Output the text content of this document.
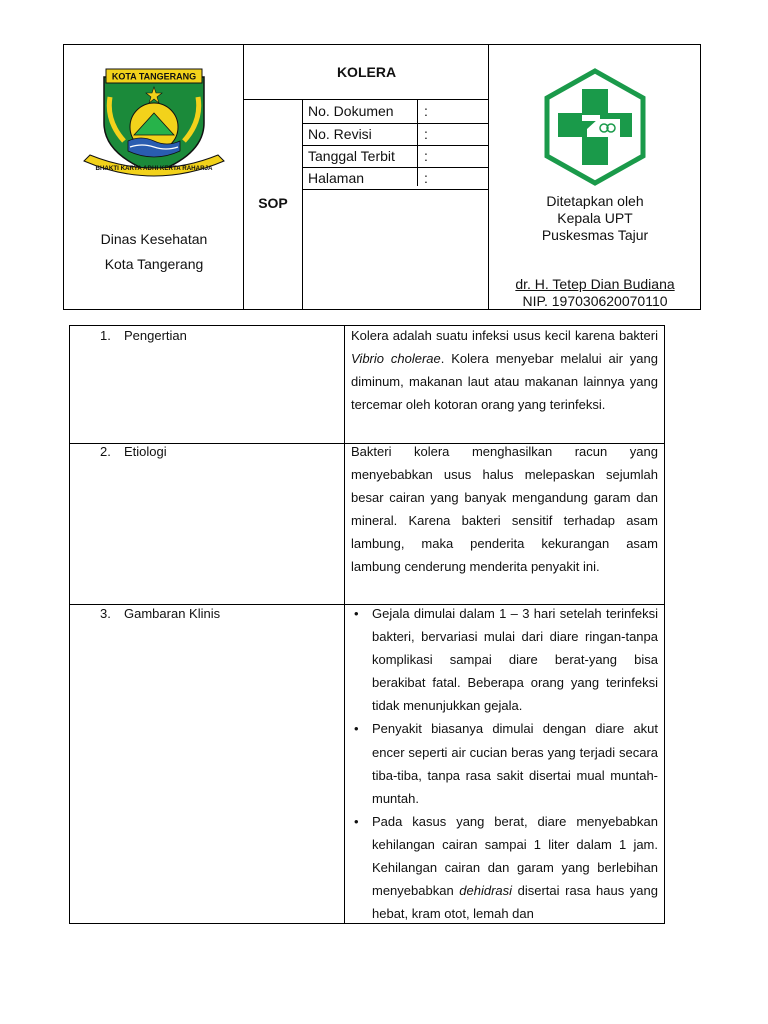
KOTA TANGERANG
BHAKTI KARYA ADHI KERTA RAHARJA
Dinas Kesehatan
Kota Tangerang
KOLERA
SOP
No. Dokumen :
No. Revisi	:
Tanggal Terbit :
Halaman	:
Ditetapkan oleh
Kepala UPT
Puskesmas Tajur
dr. H. Tetep Dian Budiana
NIP. 197030620070110
1. Pengertian	Kolera adalah suatu infeksi usus kecil karena bakteri Vibrio cholerae. Kolera menyebar melalui air yang diminum, makanan laut atau makanan lainnya yang tercemar oleh kotoran orang yang terinfeksi.
2. Etiologi	Bakteri kolera menghasilkan racun yang menyebabkan usus halus melepaskan sejumlah besar cairan yang banyak mengandung garam dan mineral. Karena bakteri sensitif terhadap asam lambung, maka penderita kekurangan asam lambung cenderung menderita penyakit ini.
3. Gambaran Klinis	• Gejala dimulai dalam 1 – 3 hari setelah terinfeksi bakteri, bervariasi mulai dari diare ringan-tanpa komplikasi sampai diare berat-yang bisa berakibat fatal. Beberapa orang yang terinfeksi tidak menunjukkan gejala.
• Penyakit biasanya dimulai dengan diare akut encer seperti air cucian beras yang terjadi secara tiba-tiba, tanpa rasa sakit disertai mual muntah-muntah.
• Pada kasus yang berat, diare menyebabkan kehilangan cairan sampai 1 liter dalam 1 jam. Kehilangan cairan dan garam yang berlebihan menyebabkan dehidrasi disertai rasa haus yang hebat, kram otot, lemah dan
